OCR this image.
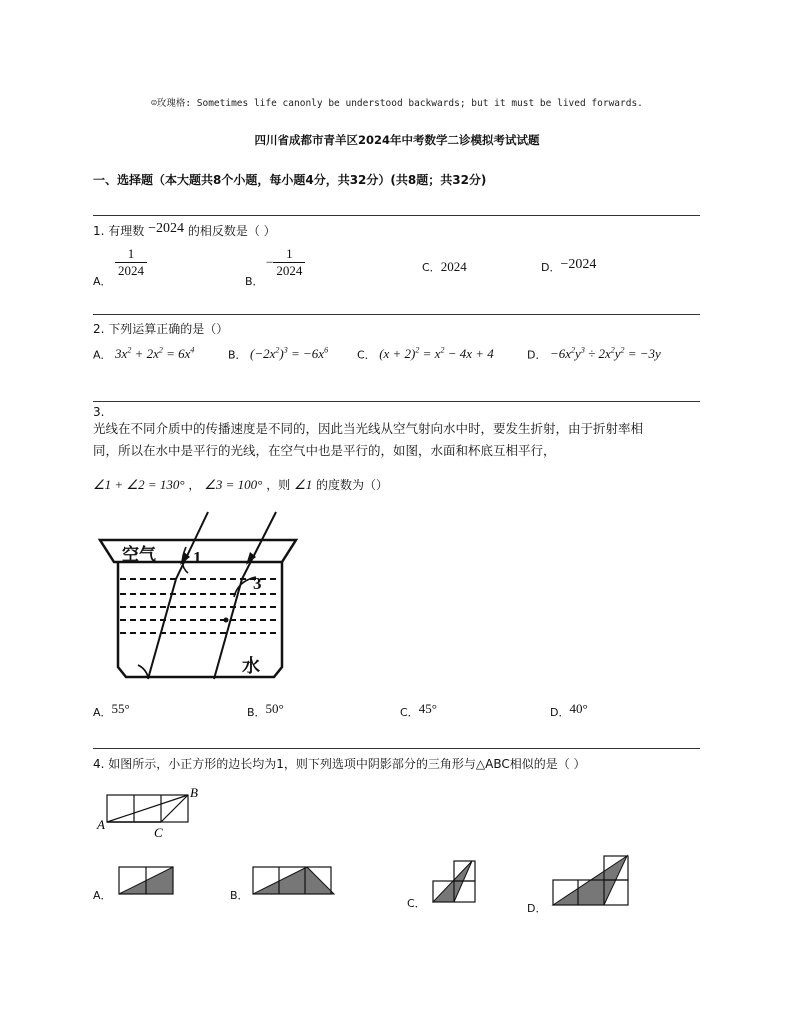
☺玫瑰格: Sometimes life canonly be understood backwards; but it must be lived forwards.
四川省成都市青羊区2024年中考数学二诊模拟考试试题
一、选择题（本大题共8个小题，每小题4分，共32分）(共8题；共32分)
1. 有理数 −2024 的相反数是（ ）
A．
$\frac{1}{2024}$
B．
− $\frac{1}{2024}$	C．2024	D．−2024
2. 下列运算正确的是（）
A． $3x^2 + 2x^2 = 6x^4$	B． $(-2x^2)^3 = -6x^6$	C． $(x + 2)^2 = x^2 - 4x + 4$	D． $-6x^2y^3 \div 2x^2y^2 = -3y$
3.
光线在不同介质中的传播速度是不同的，因此当光线从空气射向水中时，要发生折射，由于折射率相
同，所以在水中是平行的光线，在空气中也是平行的，如图，水面和杯底互相平行，
∠1 + ∠2 = 130° ， ∠3 = 100° ，则 ∠1 的度数为（）
空气 1
3
水
A．55°	B．50°	C．45°	D．40°
4. 如图所示，小正方形的边长均为1，则下列选项中阴影部分的三角形与△ABC相似的是（ ）
A
B
C
A．	B．
C．	D．
